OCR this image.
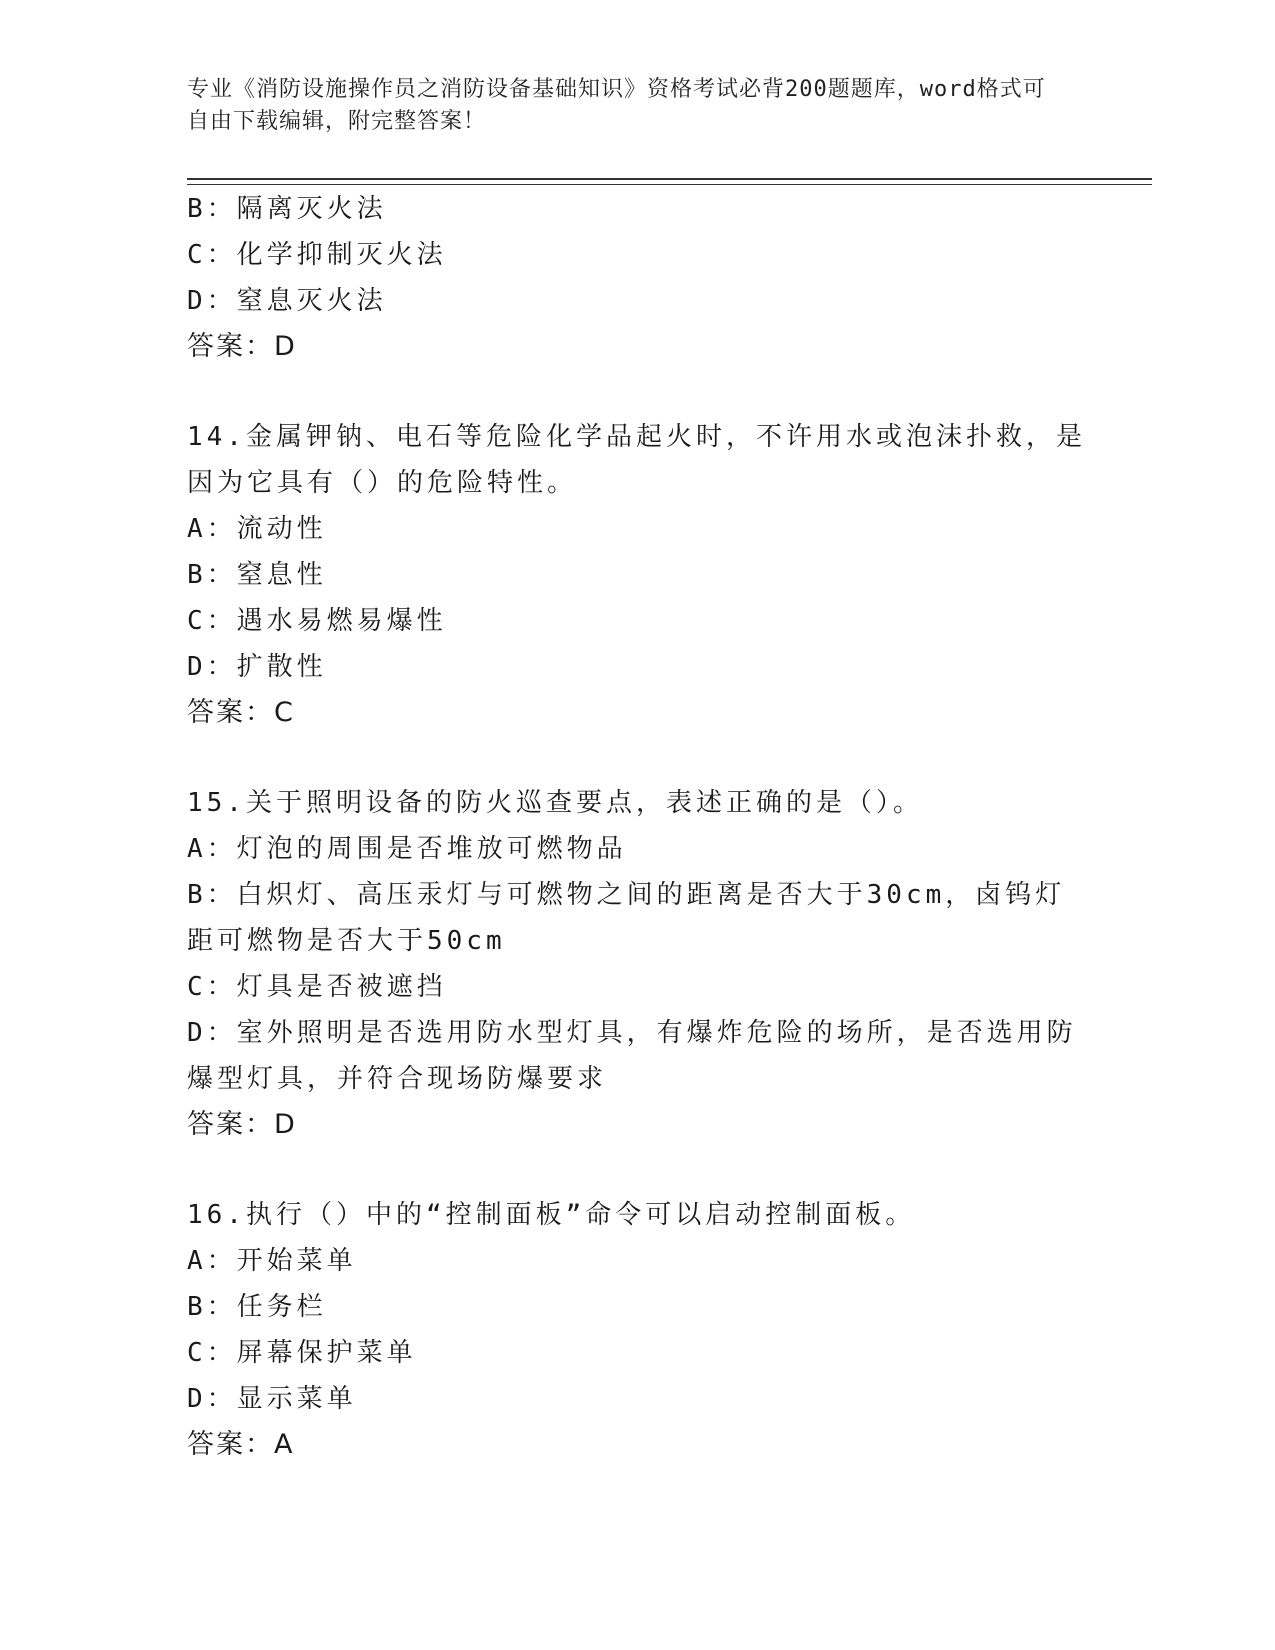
专业《消防设施操作员之消防设备基础知识》资格考试必背200题题库，word格式可自由下载编辑，附完整答案！
B：隔离灭火法
C：化学抑制灭火法
D：窒息灭火法
答案：D
14.金属钾钠、电石等危险化学品起火时，不许用水或泡沫扑救，是因为它具有（）的危险特性。
A：流动性
B：窒息性
C：遇水易燃易爆性
D：扩散性
答案：C
15.关于照明设备的防火巡查要点，表述正确的是（）。
A：灯泡的周围是否堆放可燃物品
B：白炽灯、高压汞灯与可燃物之间的距离是否大于30cm，卤钨灯距可燃物是否大于50cm
C：灯具是否被遮挡
D：室外照明是否选用防水型灯具，有爆炸危险的场所，是否选用防爆型灯具，并符合现场防爆要求
答案：D
16.执行（）中的“控制面板”命令可以启动控制面板。
A：开始菜单
B：任务栏
C：屏幕保护菜单
D：显示菜单
答案：A
